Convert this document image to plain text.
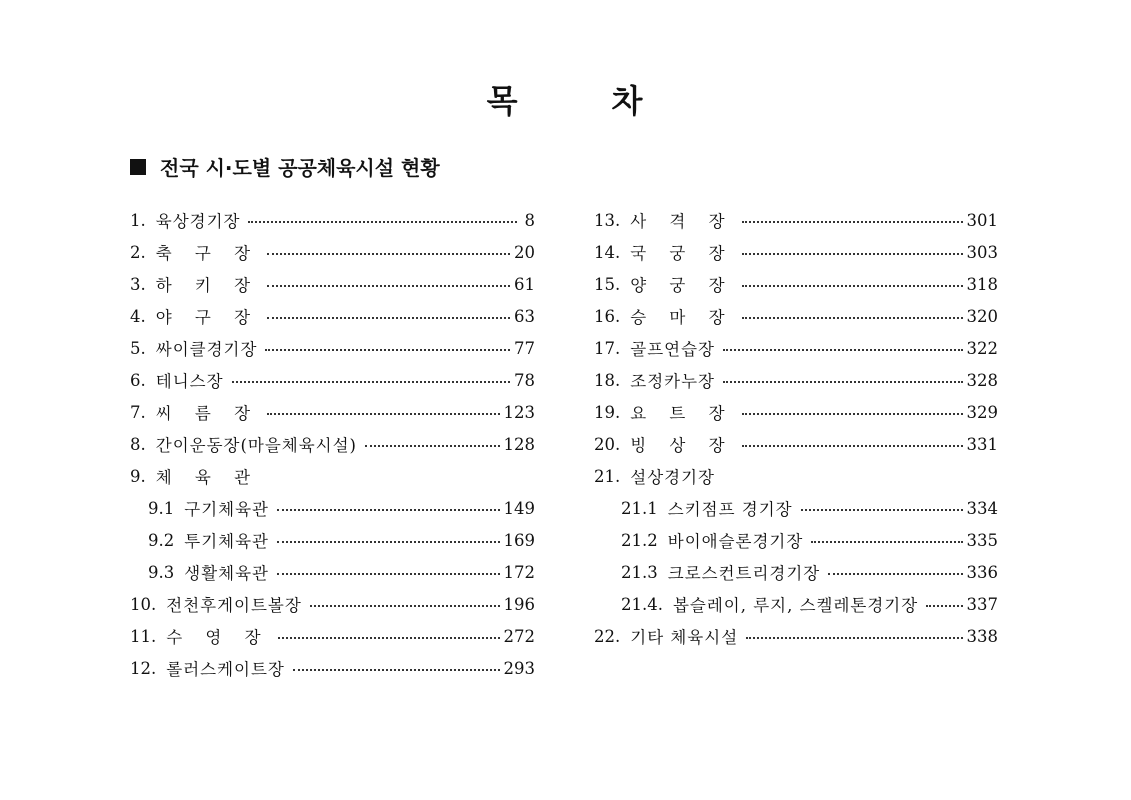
목	차
전국 시·도별 공공체육시설 현황
1. 육상경기장	8
2. 축 구 장	20
3. 하 키 장	61
4. 야 구 장	63
5. 싸이클경기장	77
6. 테니스장	78
7. 씨 름 장	123
8. 간이운동장(마을체육시설)	128
9. 체 육 관
9.1 구기체육관	149
9.2 투기체육관	169
9.3 생활체육관	172
10. 전천후게이트볼장	196
11. 수 영 장	272
12. 롤러스케이트장	293
13. 사 격 장	301
14. 국 궁 장	303
15. 양 궁 장	318
16. 승 마 장	320
17. 골프연습장	322
18. 조정카누장	328
19. 요 트 장	329
20. 빙 상 장	331
21. 설상경기장
21.1 스키점프 경기장	334
21.2 바이애슬론경기장	335
21.3 크로스컨트리경기장	336
21.4. 봅슬레이, 루지, 스켈레톤경기장	337
22. 기타 체육시설	338
